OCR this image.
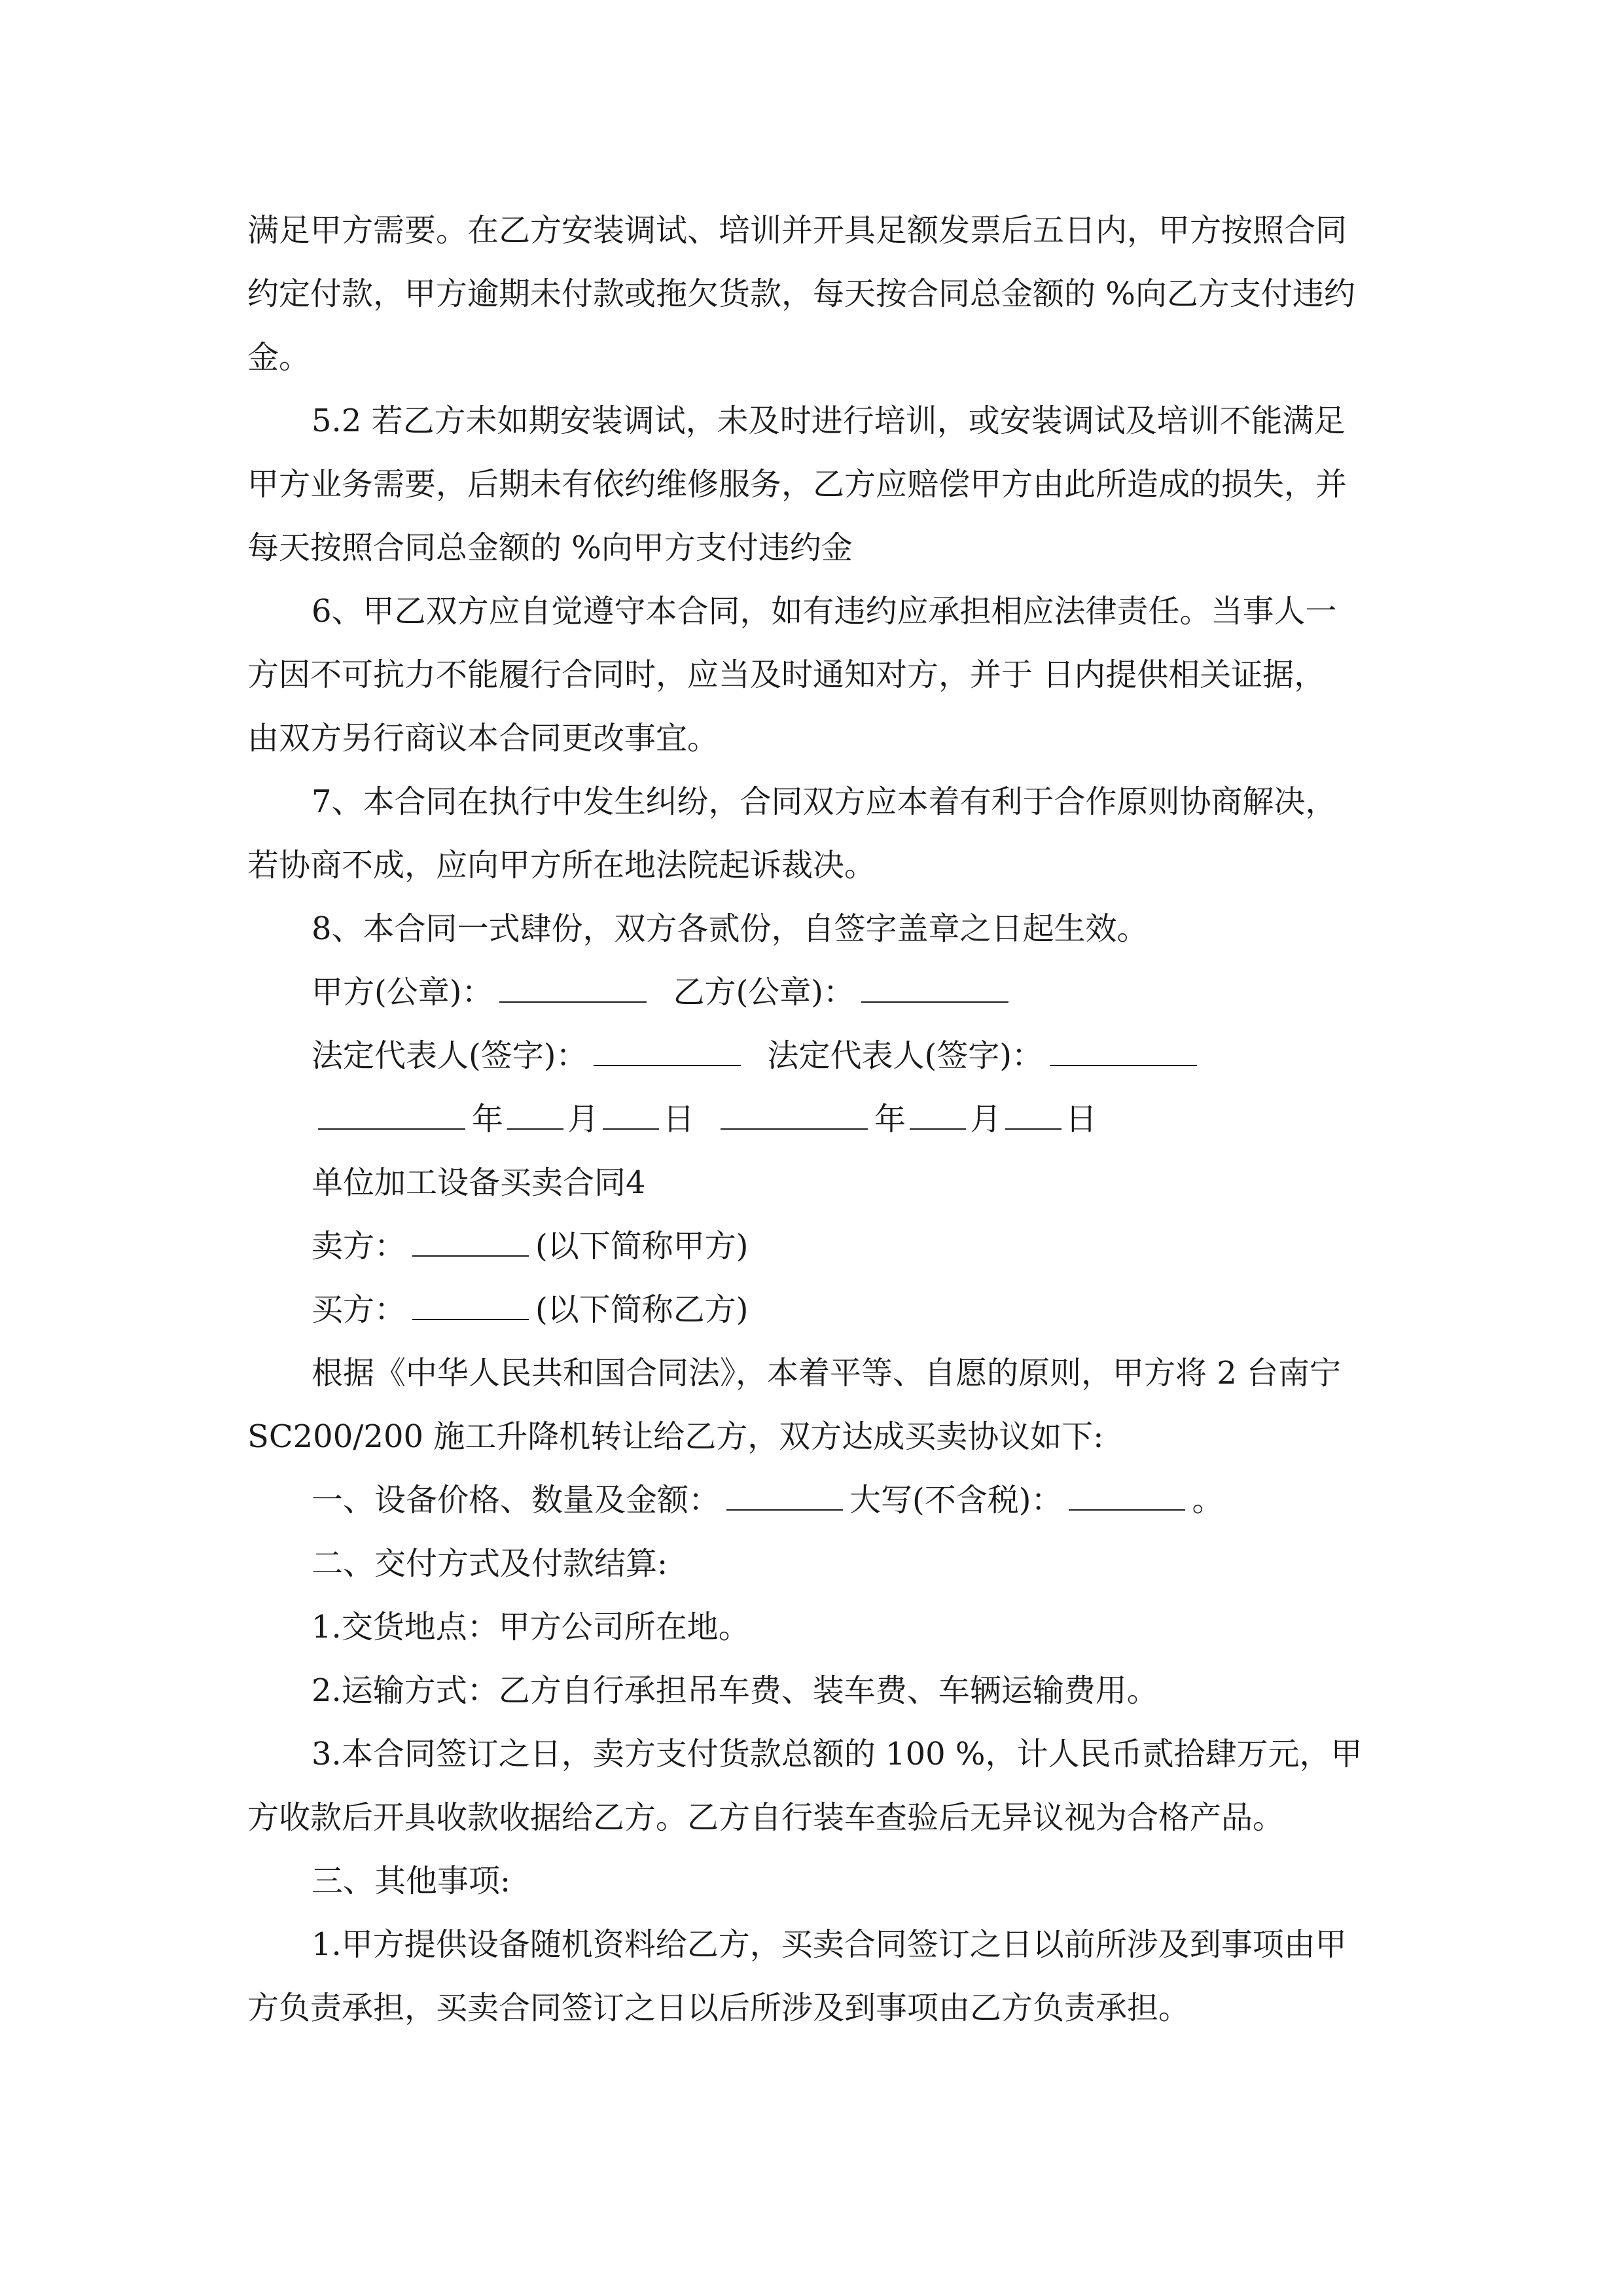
满足甲方需要。在乙方安装调试、培训并开具足额发票后五日内，甲方按照合同
约定付款，甲方逾期未付款或拖欠货款，每天按合同总金额的 %向乙方支付违约
金。
5.2 若乙方未如期安装调试，未及时进行培训，或安装调试及培训不能满足
甲方业务需要，后期未有依约维修服务，乙方应赔偿甲方由此所造成的损失，并
每天按照合同总金额的 %向甲方支付违约金
6、甲乙双方应自觉遵守本合同，如有违约应承担相应法律责任。当事人一
方因不可抗力不能履行合同时，应当及时通知对方，并于 日内提供相关证据，
由双方另行商议本合同更改事宜。
7、本合同在执行中发生纠纷，合同双方应本着有利于合作原则协商解决，
若协商不成，应向甲方所在地法院起诉裁决。
8、本合同一式肆份，双方各贰份，自签字盖章之日起生效。
甲方(公章)：	乙方(公章)：
法定代表人(签字)：	法定代表人(签字)：
年 月 日	年 月 日
单位加工设备买卖合同4
卖方：	(以下简称甲方)
买方：	(以下简称乙方)
根据《中华人民共和国合同法》，本着平等、自愿的原则，甲方将 2 台南宁
SC200/200 施工升降机转让给乙方，双方达成买卖协议如下:
一、设备价格、数量及金额：	大写(不含税)：	。
二、交付方式及付款结算:
1.交货地点：甲方公司所在地。
2.运输方式：乙方自行承担吊车费、装车费、车辆运输费用。
3.本合同签订之日，卖方支付货款总额的 100 %，计人民币贰拾肆万元，甲
方收款后开具收款收据给乙方。乙方自行装车查验后无异议视为合格产品。
三、其他事项:
1.甲方提供设备随机资料给乙方，买卖合同签订之日以前所涉及到事项由甲
方负责承担，买卖合同签订之日以后所涉及到事项由乙方负责承担。
